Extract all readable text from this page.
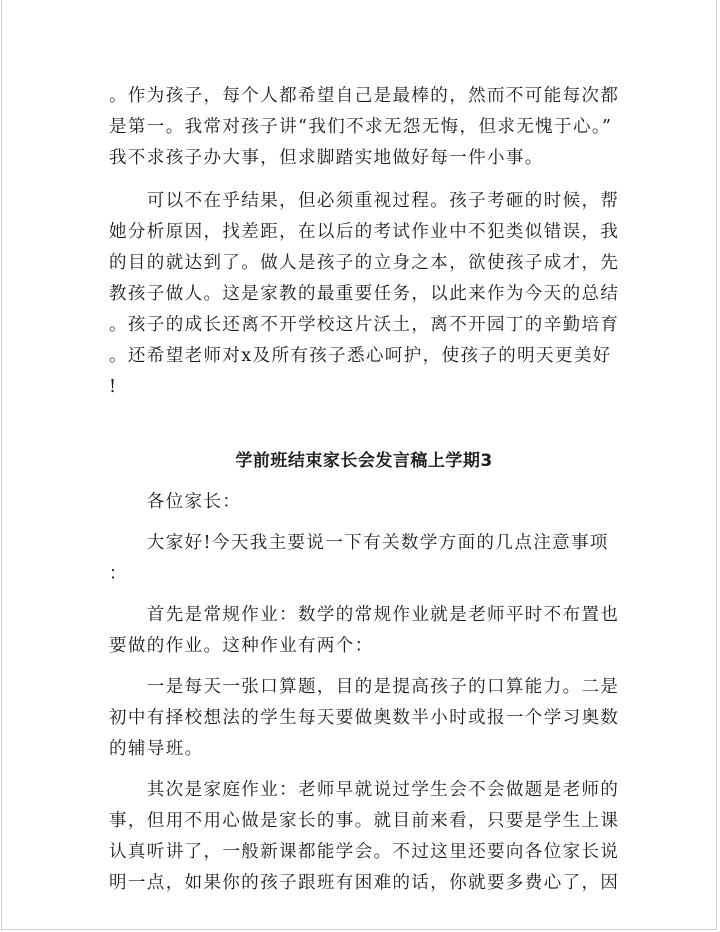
。作为孩子，每个人都希望自己是最棒的，然而不可能每次都
是第一。我常对孩子讲“我们不求无怨无悔，但求无愧于心。”
我不求孩子办大事，但求脚踏实地做好每一件小事。

　　可以不在乎结果，但必须重视过程。孩子考砸的时候，帮
她分析原因，找差距，在以后的考试作业中不犯类似错误，我
的目的就达到了。做人是孩子的立身之本，欲使孩子成才，先
教孩子做人。这是家教的最重要任务，以此来作为今天的总结
。孩子的成长还离不开学校这片沃土，离不开园丁的辛勤培育
。还希望老师对x及所有孩子悉心呵护，使孩子的明天更美好
!

学前班结束家长会发言稿上学期3

　　各位家长：

　　大家好!今天我主要说一下有关数学方面的几点注意事项
：

　　首先是常规作业：数学的常规作业就是老师平时不布置也
要做的作业。这种作业有两个：

　　一是每天一张口算题，目的是提高孩子的口算能力。二是
初中有择校想法的学生每天要做奥数半小时或报一个学习奥数
的辅导班。

　　其次是家庭作业：老师早就说过学生会不会做题是老师的
事，但用不用心做是家长的事。就目前来看，只要是学生上课
认真听讲了，一般新课都能学会。不过这里还要向各位家长说
明一点，如果你的孩子跟班有困难的话，你就要多费心了，因
